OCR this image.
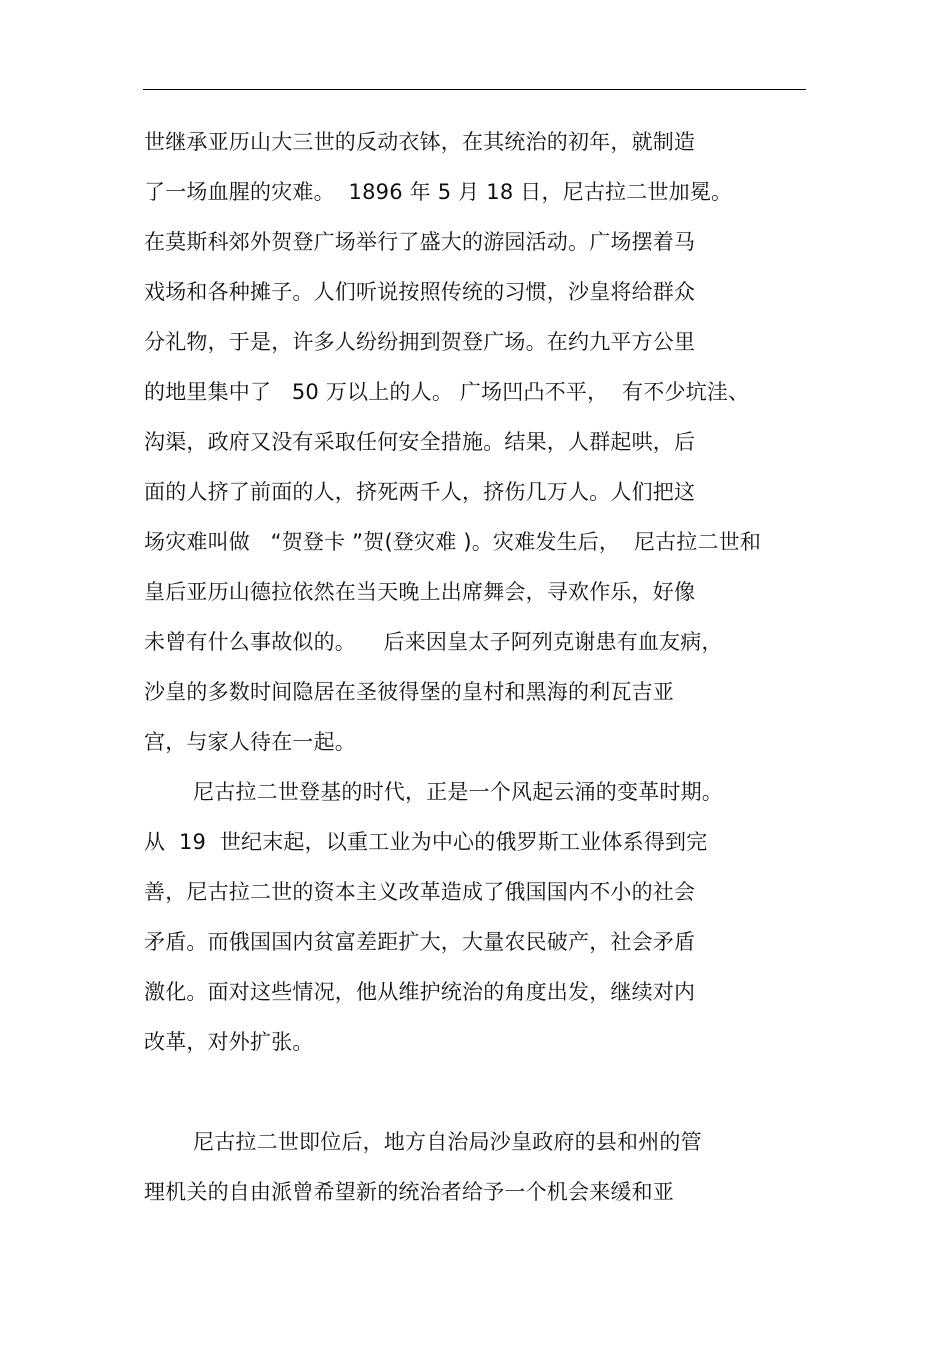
世继承亚历山大三世的反动衣钵，在其统治的初年，就制造
了一场血腥的灾难。  1896 年 5 月 18 日，尼古拉二世加冕。
在莫斯科郊外贺登广场举行了盛大的游园活动。广场摆着马
戏场和各种摊子。人们听说按照传统的习惯，沙皇将给群众
分礼物，于是，许多人纷纷拥到贺登广场。在约九平方公里
的地里集中了   50 万以上的人。 广场凹凸不平，  有不少坑洼、
沟渠，政府又没有采取任何安全措施。结果，人群起哄，后
面的人挤了前面的人，挤死两千人，挤伤几万人。人们把这
场灾难叫做   “贺登卡 ”贺(登灾难 )。灾难发生后，  尼古拉二世和
皇后亚历山德拉依然在当天晚上出席舞会，寻欢作乐，好像
未曾有什么事故似的。    后来因皇太子阿列克谢患有血友病，
沙皇的多数时间隐居在圣彼得堡的皇村和黑海的利瓦吉亚
宫，与家人待在一起。
尼古拉二世登基的时代，正是一个风起云涌的变革时期。
从  19  世纪末起，以重工业为中心的俄罗斯工业体系得到完
善，尼古拉二世的资本主义改革造成了俄国国内不小的社会
矛盾。而俄国国内贫富差距扩大，大量农民破产，社会矛盾
激化。面对这些情况，他从维护统治的角度出发，继续对内
改革，对外扩张。
尼古拉二世即位后，地方自治局沙皇政府的县和州的管
理机关的自由派曾希望新的统治者给予一个机会来缓和亚
